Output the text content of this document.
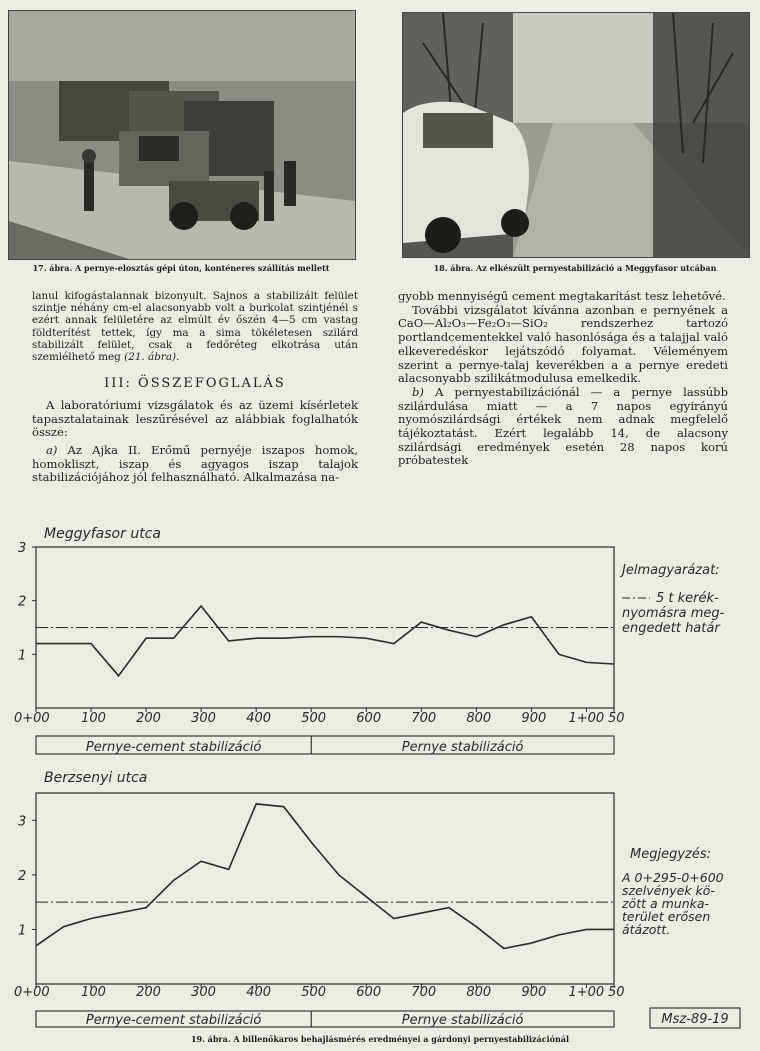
17. ábra. A pernye-elosztás gépi úton, konténeres szállítás mellett	18. ábra. Az elkészült pernyestabilizáció a Meggyfasor utcában

lanul kifogástalannak bizonyult. Sajnos a stabilizált felület szintje néhány cm-el alacsonyabb volt a burkolat szintjénél s ezért annak felületére az elmúlt év őszén 4—5 cm vastag földterítést tettek, így ma a sima tökéletesen szilárd stabilizált felület, csak a fedőréteg elkotrása után szemlélhető meg (21. ábra).

III: ÖSSZEFOGLALÁS

A laboratóriumi vizsgálatok és az üzemi kísérletek tapasztalatainak leszűrésével az alábbiak foglalhatók össze:

a) Az Ajka II. Erőmű pernyéje iszapos homok, homokliszt, iszap és agyagos iszap talajok stabilizációjához jól felhasználható. Alkalmazása na-

gyobb mennyiségű cement megtakarítást tesz lehetővé.

További vizsgálatot kívánna azonban e pernyének a CaO—Al₂O₃—Fe₂O₃—SiO₂ rendszerhez tartozó portlandcementekkel való hasonlósága és a talajjal való elkeveredéskor lejátszódó folyamat. Véleményem szerint a pernye-talaj keverékben a a pernye eredeti alacsonyabb szilikátmodulusa emelkedik.

b) A pernyestabilizációnál — a pernye lassúbb szilárdulása miatt — a 7 napos egyirányú nyomószilárdsági értékek nem adnak megfelelő tájékoztatást. Ezért legalább 14, de alacsony szilárdsági eredmények esetén 28 napos korú próbatestek

Meggyfasor utca
1
2
3
0+00 100 200 300 400 500 600 700 800 900 1+00 50
Pernye-cement stabilizáció	Pernye stabilizáció
Jelmagyarázat:
5 t kerék-
nyomásra meg-
engedett határ
Berzsenyi utca
1
2
3
0+00 100 200 300 400 500 600 700 800 900 1+00 50
Pernye-cement stabilizáció	Pernye stabilizáció
Megjegyzés:
A 0+295-0+600
szelvények kö-
zött a munka-
terület erősen
átázott.
Msz-89-19
19. ábra. A billenőkaros behajlásmérés eredményei a gárdonyi pernyestabilizációnál
